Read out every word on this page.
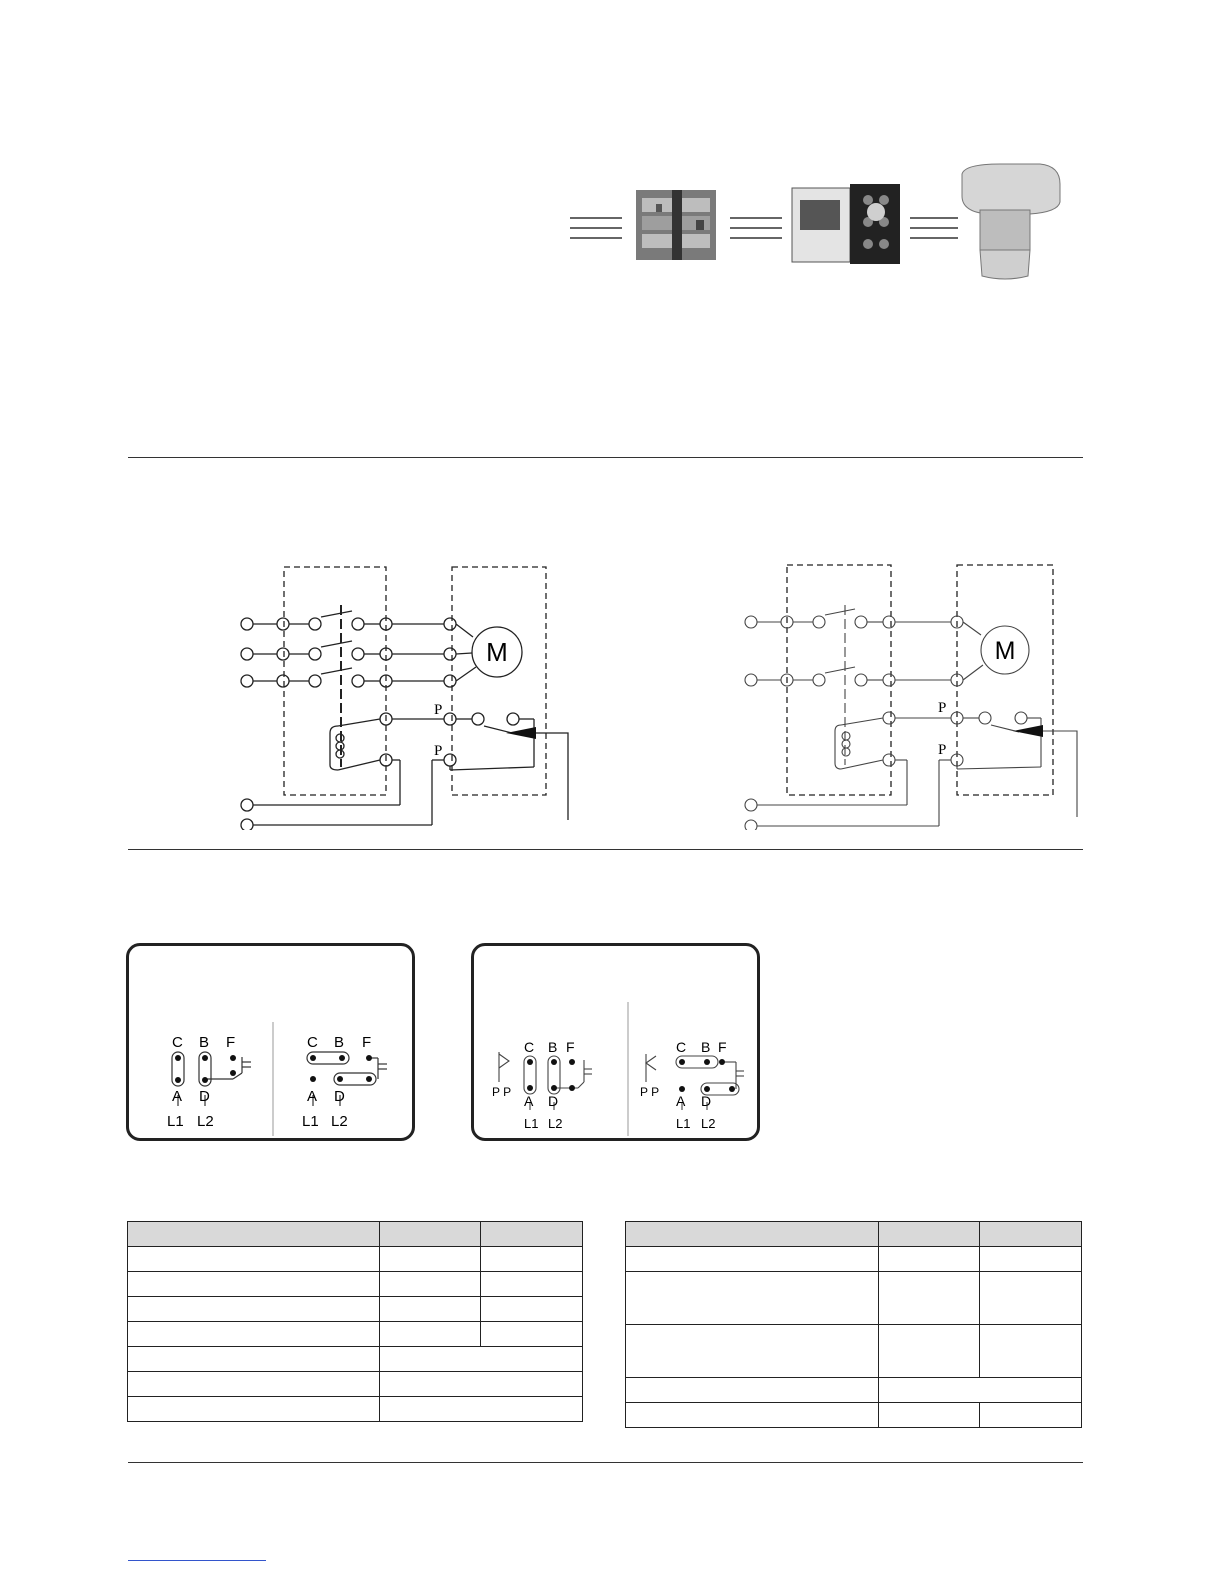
M
P
P
M
P
P
C B F
A D
L1 L2
C B F
A D
L1 L2
P P
C B F
A D
L1 L2
P P
C B F
A D
L1 L2
